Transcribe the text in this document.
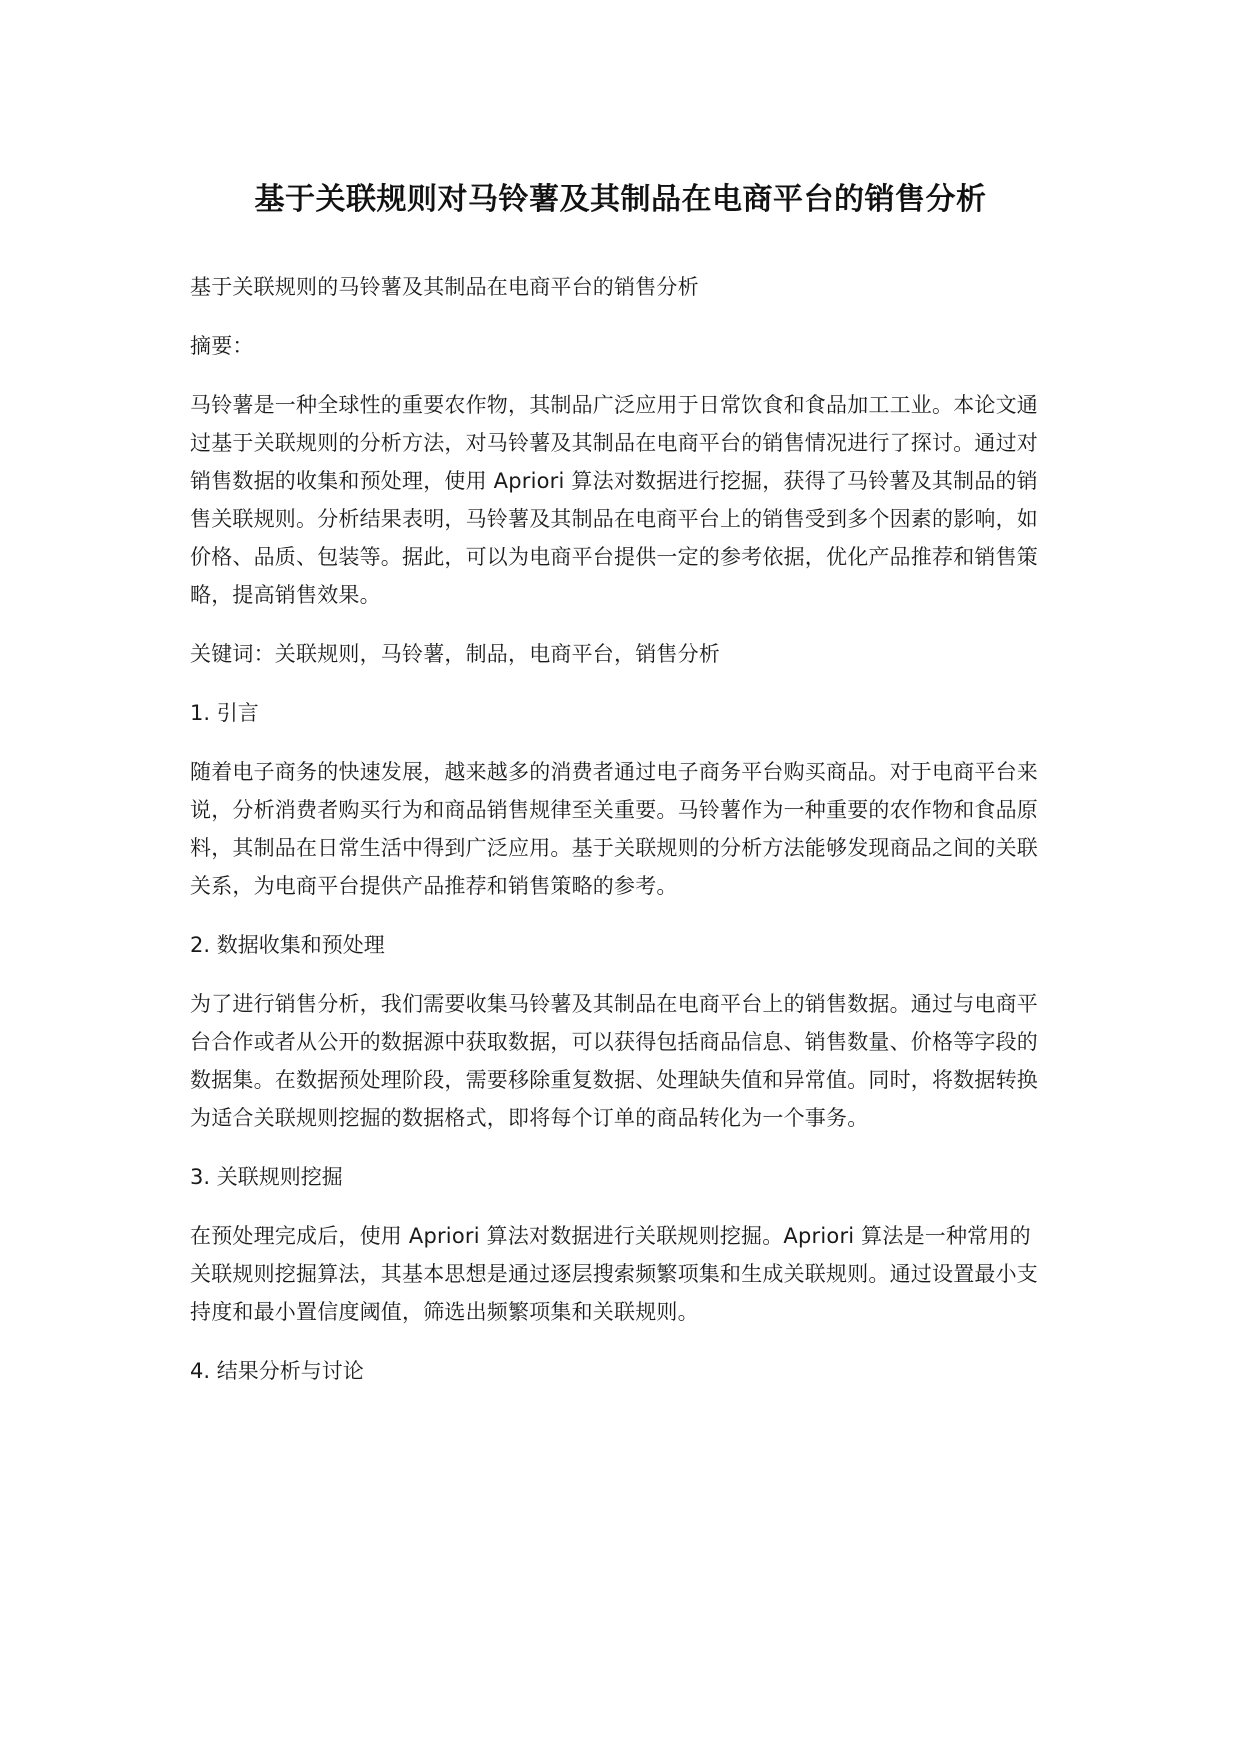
基于关联规则对马铃薯及其制品在电商平台的销售分析

基于关联规则的马铃薯及其制品在电商平台的销售分析

摘要：

马铃薯是一种全球性的重要农作物，其制品广泛应用于日常饮食和食品加工工业。本论文通过基于关联规则的分析方法，对马铃薯及其制品在电商平台的销售情况进行了探讨。通过对销售数据的收集和预处理，使用 Apriori 算法对数据进行挖掘，获得了马铃薯及其制品的销售关联规则。分析结果表明，马铃薯及其制品在电商平台上的销售受到多个因素的影响，如价格、品质、包装等。据此，可以为电商平台提供一定的参考依据，优化产品推荐和销售策略，提高销售效果。

关键词：关联规则，马铃薯，制品，电商平台，销售分析

1. 引言

随着电子商务的快速发展，越来越多的消费者通过电子商务平台购买商品。对于电商平台来说，分析消费者购买行为和商品销售规律至关重要。马铃薯作为一种重要的农作物和食品原料，其制品在日常生活中得到广泛应用。基于关联规则的分析方法能够发现商品之间的关联关系，为电商平台提供产品推荐和销售策略的参考。

2. 数据收集和预处理

为了进行销售分析，我们需要收集马铃薯及其制品在电商平台上的销售数据。通过与电商平台合作或者从公开的数据源中获取数据，可以获得包括商品信息、销售数量、价格等字段的数据集。在数据预处理阶段，需要移除重复数据、处理缺失值和异常值。同时，将数据转换为适合关联规则挖掘的数据格式，即将每个订单的商品转化为一个事务。

3. 关联规则挖掘

在预处理完成后，使用 Apriori 算法对数据进行关联规则挖掘。Apriori 算法是一种常用的关联规则挖掘算法，其基本思想是通过逐层搜索频繁项集和生成关联规则。通过设置最小支持度和最小置信度阈值，筛选出频繁项集和关联规则。

4. 结果分析与讨论
